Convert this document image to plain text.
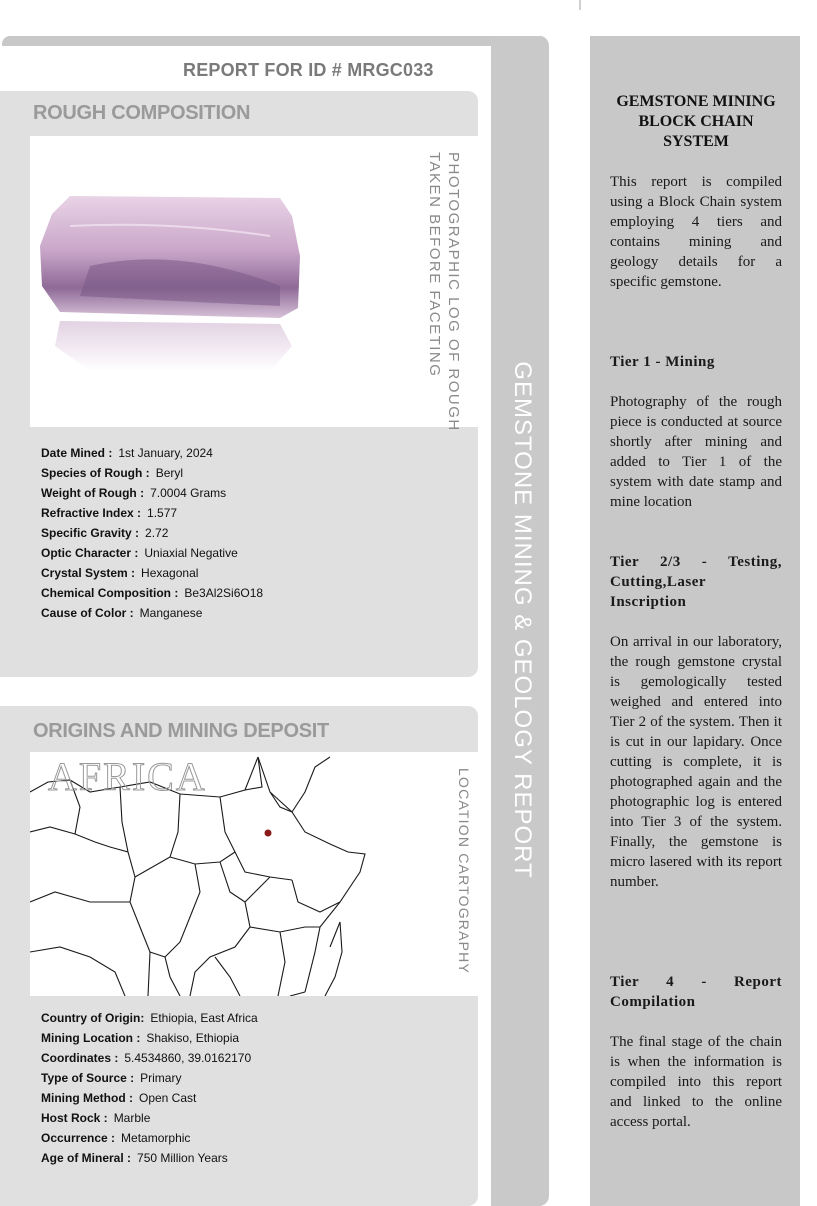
REPORT FOR ID # MRGC033
ROUGH COMPOSITION
PHOTOGRAPHIC LOG OF ROUGH
TAKEN BEFORE FACETING
Date Mined : 1st January, 2024
Species of Rough : Beryl
Weight of Rough : 7.0004 Grams
Refractive Index : 1.577
Specific Gravity : 2.72
Optic Character : Uniaxial Negative
Crystal System : Hexagonal
Chemical Composition : Be3Al2Si6O18
Cause of Color : Manganese
ORIGINS AND MINING DEPOSIT
AFRICA	LOCATION CARTOGRAPHY
Country of Origin: Ethiopia, East Africa
Mining Location : Shakiso, Ethiopia
Coordinates : 5.4534860, 39.0162170
Type of Source : Primary
Mining Method : Open Cast
Host Rock : Marble
Occurrence : Metamorphic
Age of Mineral : 750 Million Years
GEMSTONE MINING & GEOLOGY REPORT
GEMSTONE MINING BLOCK CHAIN SYSTEM
This report is compiled using a Block Chain system employing 4 tiers and contains mining and geology details for a specific gemstone.
Tier 1 - Mining
Photography of the rough piece is conducted at source shortly after mining and added to Tier 1 of the system with date stamp and mine location
Tier 2/3 - Testing, Cutting,Laser Inscription
On arrival in our laboratory, the rough gemstone crystal is gemologically tested weighed and entered into Tier 2 of the system. Then it is cut in our lapidary. Once cutting is complete, it is photographed again and the photographic log is entered into Tier 3 of the system. Finally, the gemstone is micro lasered with its report number.
Tier 4 - Report Compilation
The final stage of the chain is when the information is compiled into this report and linked to the online access portal.
